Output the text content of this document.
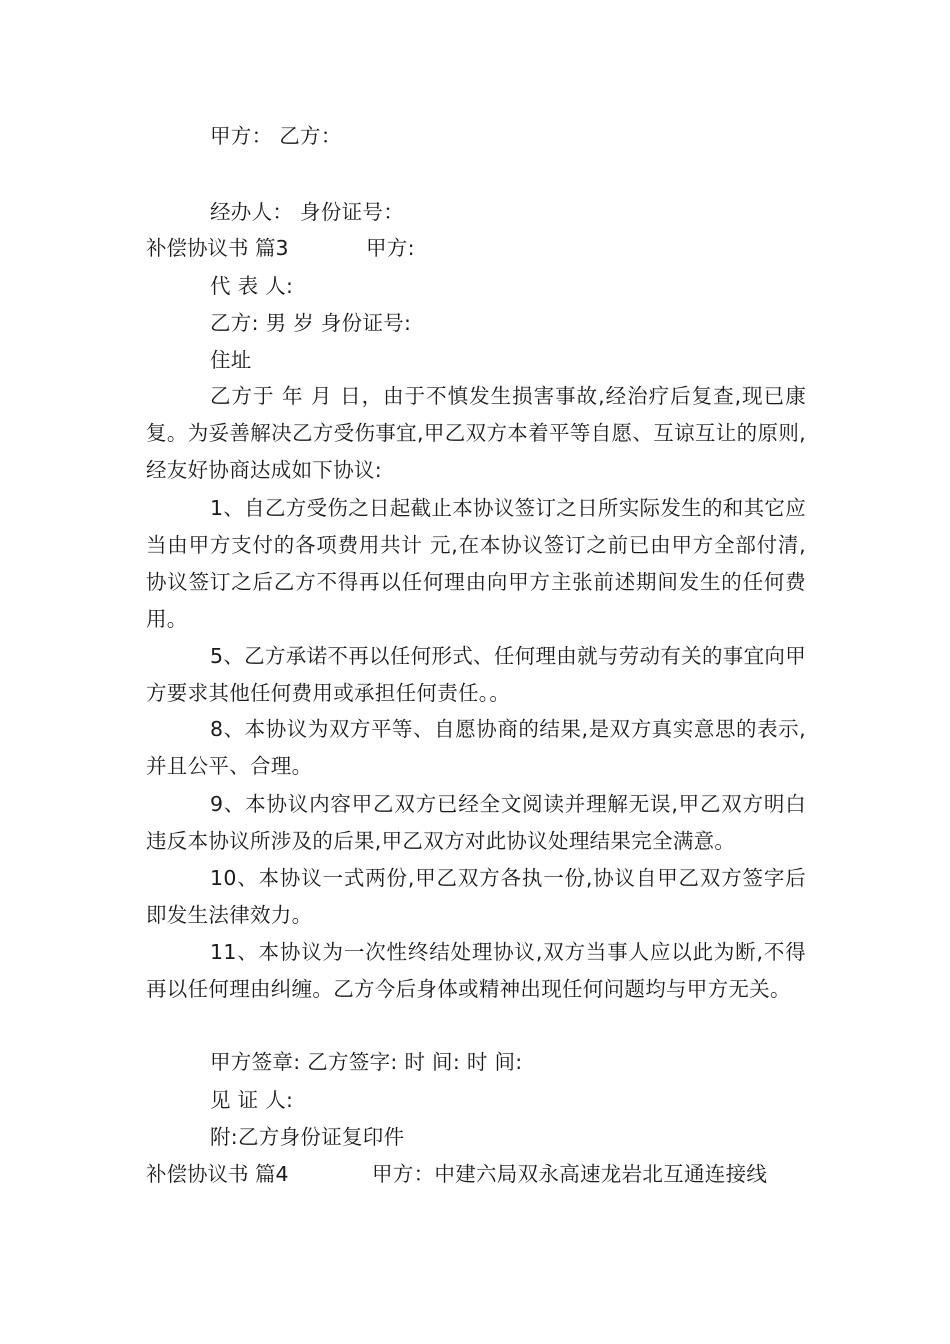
甲方： 乙方：
经办人： 身份证号：
补偿协议书 篇3	甲方:
代 表 人:
乙方: 男 岁 身份证号:
住址
乙方于 年 月 日，由于不慎发生损害事故,经治疗后复查,现已康复。为妥善解决乙方受伤事宜,甲乙双方本着平等自愿、互谅互让的原则,经友好协商达成如下协议:
1、自乙方受伤之日起截止本协议签订之日所实际发生的和其它应当由甲方支付的各项费用共计 元,在本协议签订之前已由甲方全部付清,协议签订之后乙方不得再以任何理由向甲方主张前述期间发生的任何费用。
5、乙方承诺不再以任何形式、任何理由就与劳动有关的事宜向甲方要求其他任何费用或承担任何责任。。
8、本协议为双方平等、自愿协商的结果,是双方真实意思的表示,并且公平、合理。
9、本协议内容甲乙双方已经全文阅读并理解无误,甲乙双方明白违反本协议所涉及的后果,甲乙双方对此协议处理结果完全满意。
10、本协议一式两份,甲乙双方各执一份,协议自甲乙双方签字后即发生法律效力。
11、本协议为一次性终结处理协议,双方当事人应以此为断,不得再以任何理由纠缠。乙方今后身体或精神出现任何问题均与甲方无关。
甲方签章: 乙方签字: 时 间: 时 间:
见 证 人:
附:乙方身份证复印件
补偿协议书 篇4	甲方：中建六局双永高速龙岩北互通连接线
